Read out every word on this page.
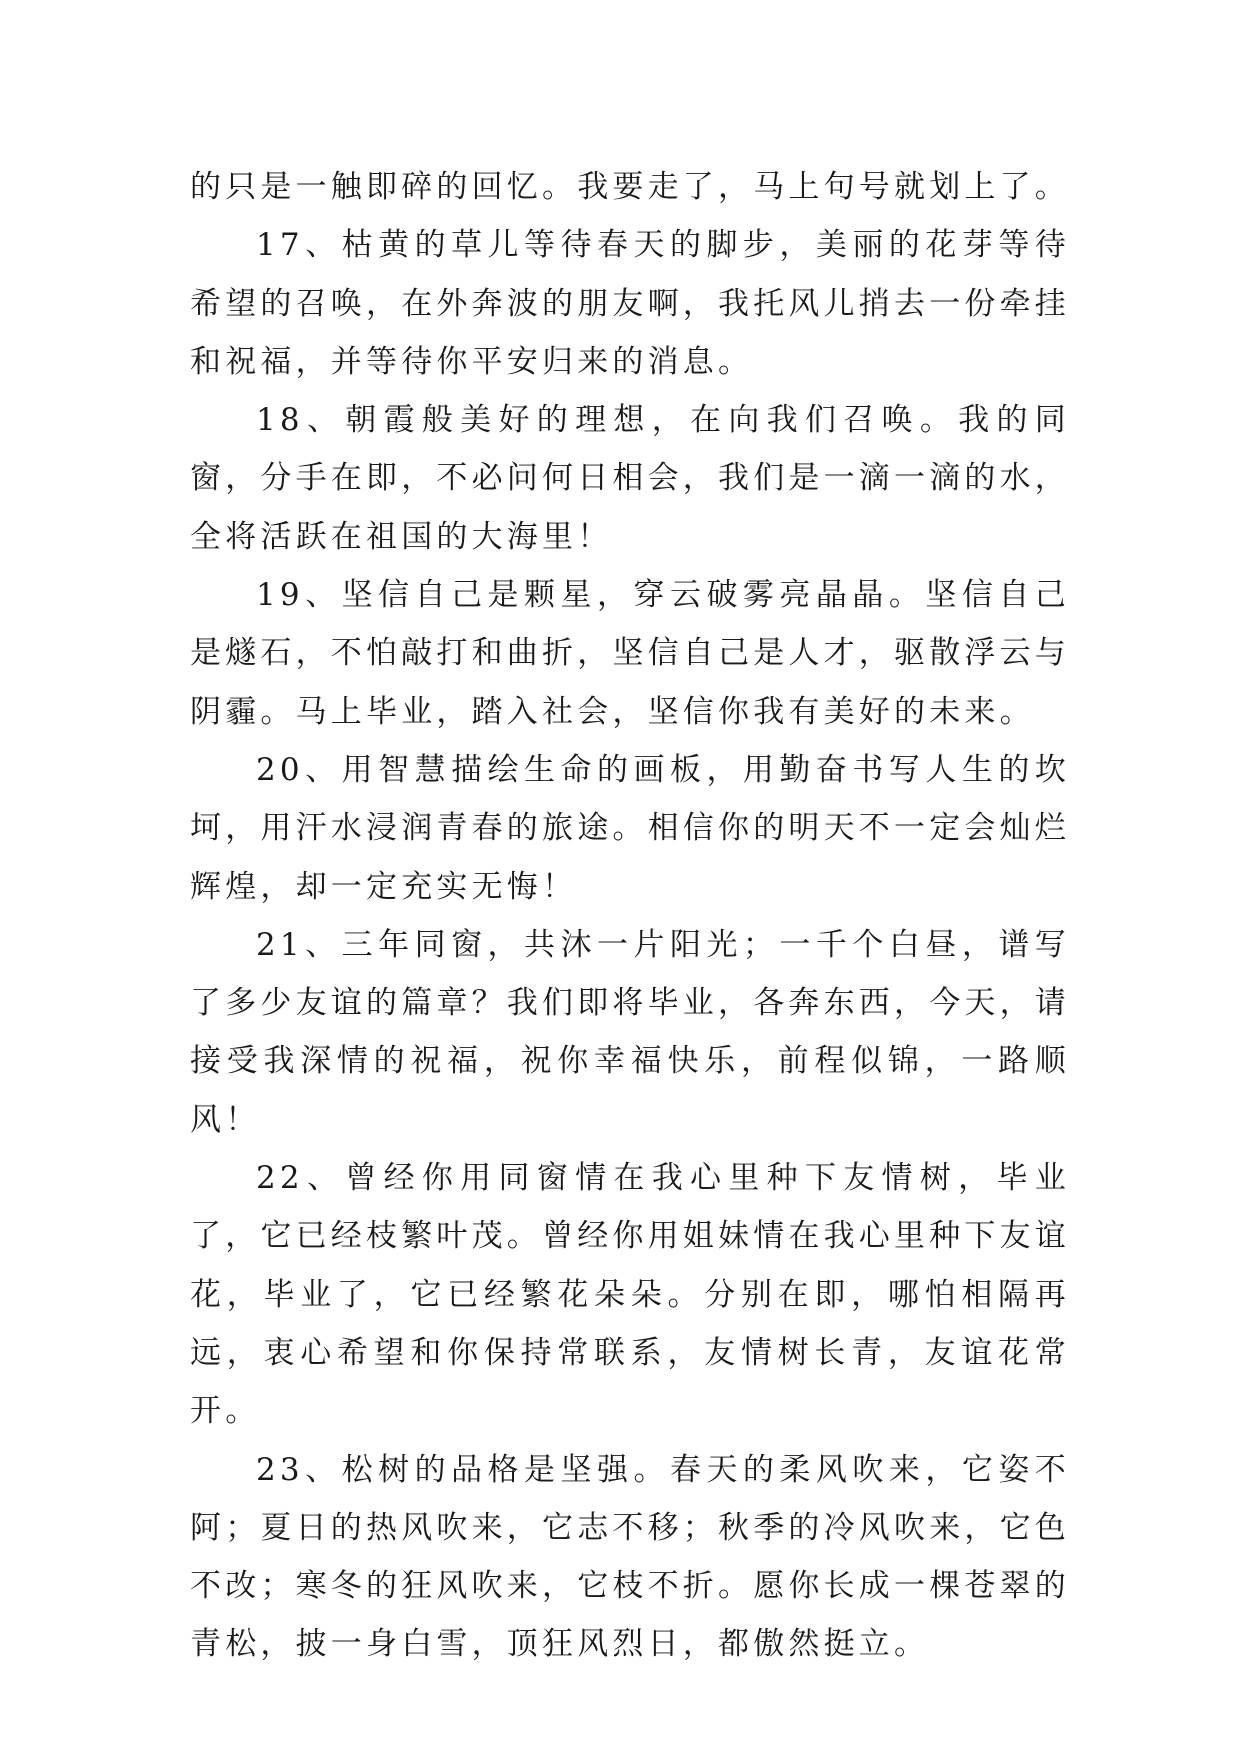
的只是一触即碎的回忆。我要走了，马上句号就划上了。

17、枯黄的草儿等待春天的脚步，美丽的花芽等待希望的召唤，在外奔波的朋友啊，我托风儿捎去一份牵挂和祝福，并等待你平安归来的消息。

18、朝霞般美好的理想，在向我们召唤。我的同窗，分手在即，不必问何日相会，我们是一滴一滴的水，全将活跃在祖国的大海里！

19、坚信自己是颗星，穿云破雾亮晶晶。坚信自己是燧石，不怕敲打和曲折，坚信自己是人才，驱散浮云与阴霾。马上毕业，踏入社会，坚信你我有美好的未来。

20、用智慧描绘生命的画板，用勤奋书写人生的坎坷，用汗水浸润青春的旅途。相信你的明天不一定会灿烂辉煌，却一定充实无悔！

21、三年同窗，共沐一片阳光；一千个白昼，谱写了多少友谊的篇章？我们即将毕业，各奔东西，今天，请接受我深情的祝福，祝你幸福快乐，前程似锦，一路顺风！

22、曾经你用同窗情在我心里种下友情树，毕业了，它已经枝繁叶茂。曾经你用姐妹情在我心里种下友谊花，毕业了，它已经繁花朵朵。分别在即，哪怕相隔再远，衷心希望和你保持常联系，友情树长青，友谊花常开。

23、松树的品格是坚强。春天的柔风吹来，它姿不阿；夏日的热风吹来，它志不移；秋季的冷风吹来，它色不改；寒冬的狂风吹来，它枝不折。愿你长成一棵苍翠的青松，披一身白雪，顶狂风烈日，都傲然挺立。
